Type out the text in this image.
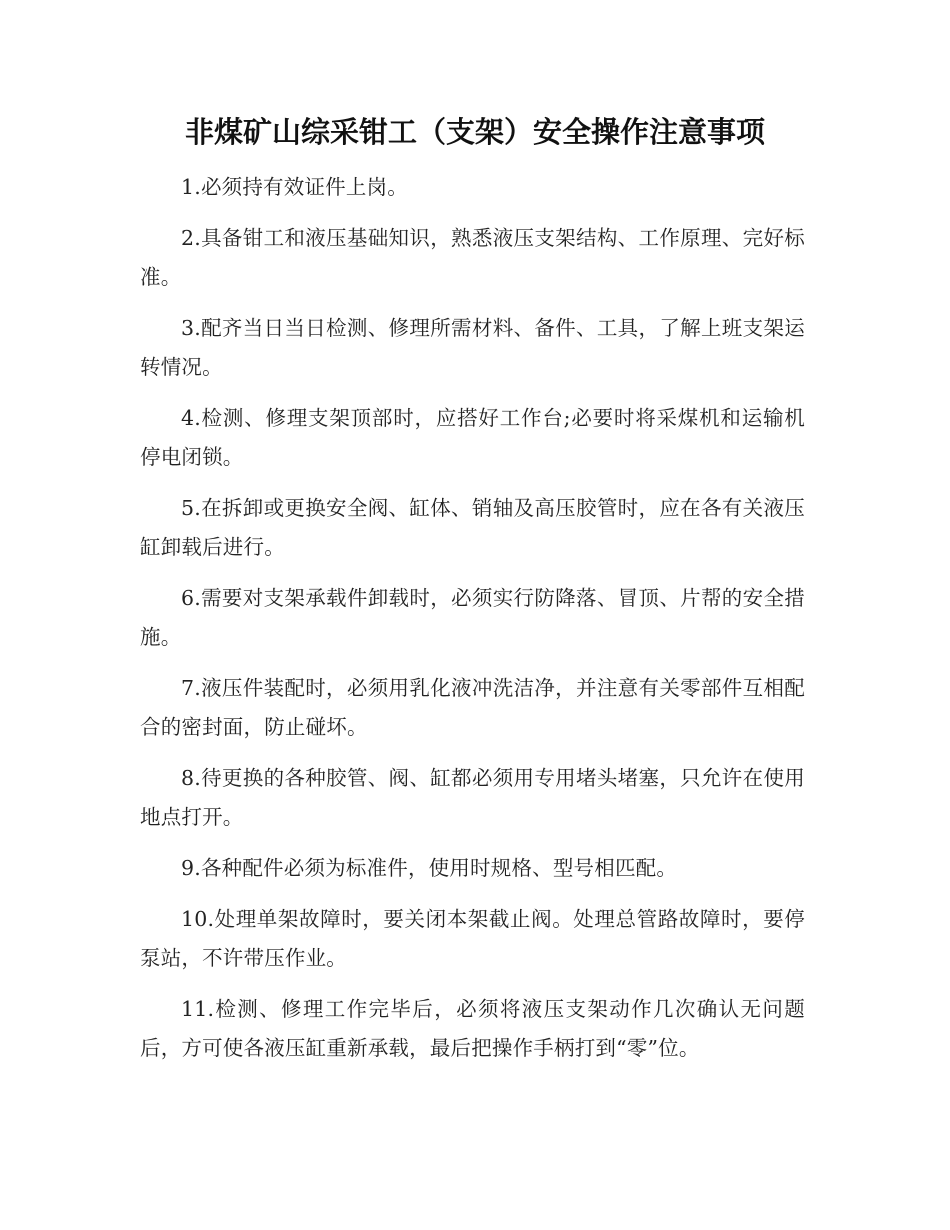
非煤矿山综采钳工（支架）安全操作注意事项

1.必须持有效证件上岗。

2.具备钳工和液压基础知识，熟悉液压支架结构、工作原理、完好标准。

3.配齐当日当日检测、修理所需材料、备件、工具，了解上班支架运转情况。

4.检测、修理支架顶部时，应搭好工作台;必要时将采煤机和运输机停电闭锁。

5.在拆卸或更换安全阀、缸体、销轴及高压胶管时，应在各有关液压缸卸载后进行。

6.需要对支架承载件卸载时，必须实行防降落、冒顶、片帮的安全措施。

7.液压件装配时，必须用乳化液冲洗洁净，并注意有关零部件互相配合的密封面，防止碰坏。

8.待更换的各种胶管、阀、缸都必须用专用堵头堵塞，只允许在使用地点打开。

9.各种配件必须为标准件，使用时规格、型号相匹配。

10.处理单架故障时，要关闭本架截止阀。处理总管路故障时，要停泵站，不许带压作业。

11.检测、修理工作完毕后，必须将液压支架动作几次确认无问题后，方可使各液压缸重新承载，最后把操作手柄打到“零”位。
